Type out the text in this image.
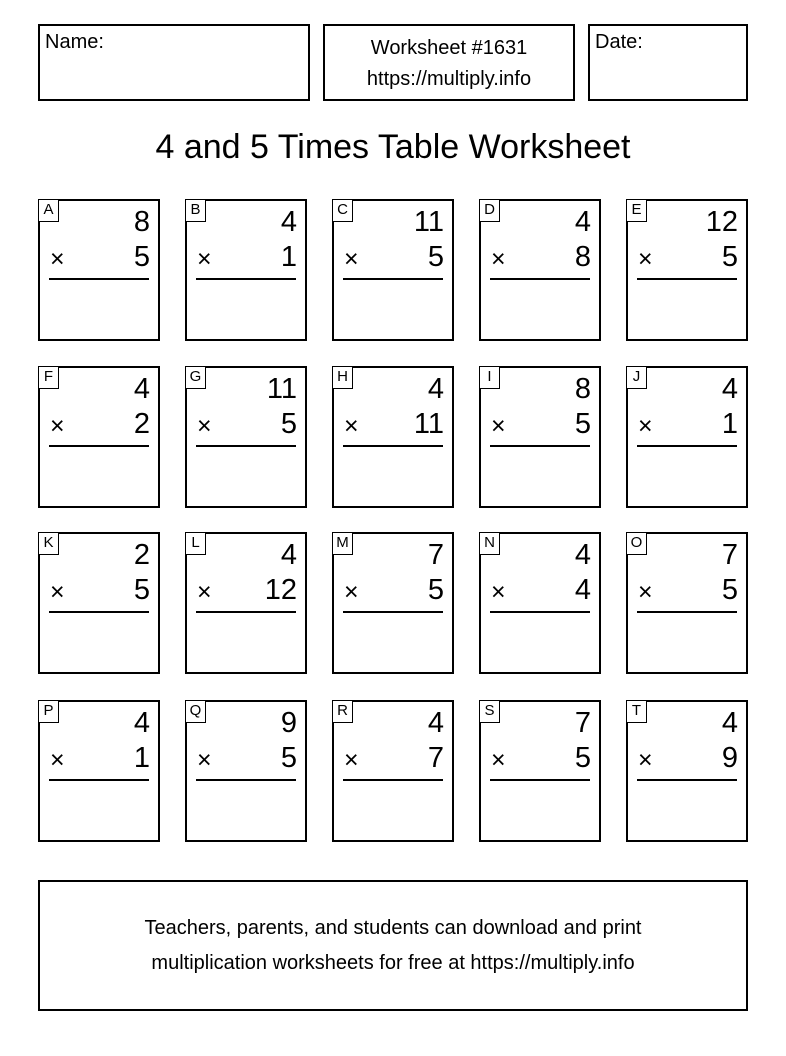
Name:	Worksheet #1631
https://multiply.info
Date:
4 and 5 Times Table Worksheet
A	8
× 5
B	4
× 1
C 11
× 5
D	4
× 8
E 12
× 5
F	4
× 2
G 11
× 5
H	4
× 11
I	8
× 5
J	4
× 1
K	2
× 5
L	4
× 12
M	7
× 5
N	4
× 4
O	7
× 5
P	4
× 1
Q	9
× 5
R	4
× 7
S	7
× 5
T	4
× 9
Teachers, parents, and students can download and print
multiplication worksheets for free at https://multiply.info
